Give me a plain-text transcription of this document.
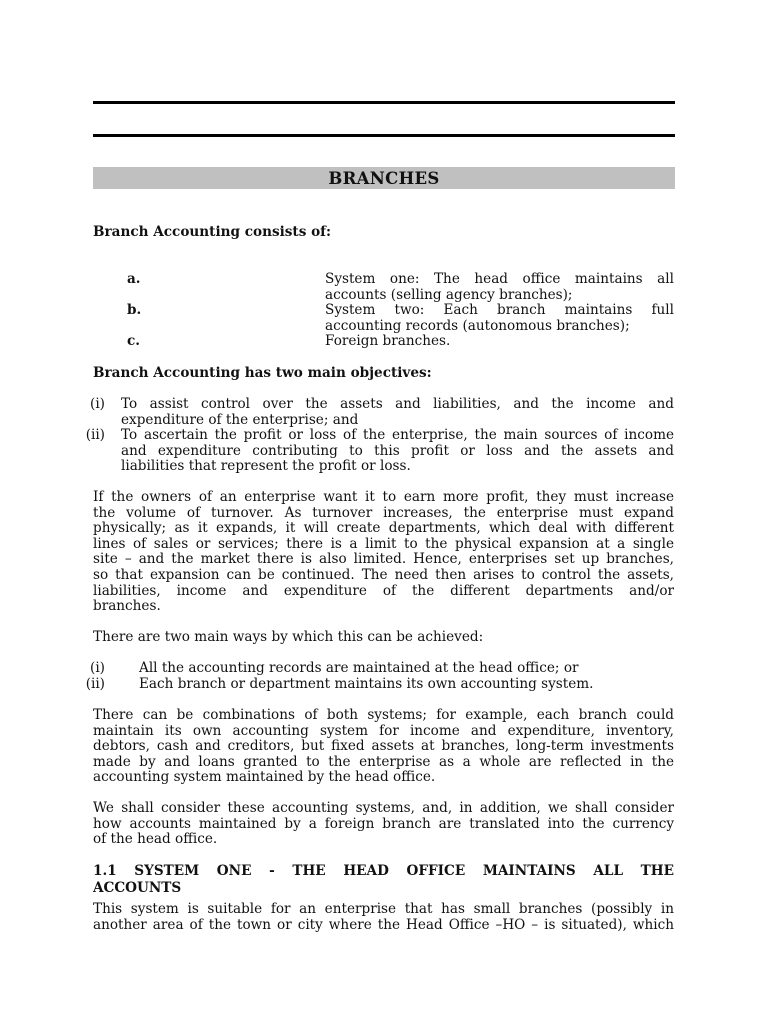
BRANCHES
Branch Accounting consists of:
a.	System one: The head office maintains all
accounts (selling agency branches);
b.	System two: Each branch maintains full
accounting records (autonomous branches);
c.	Foreign branches.
Branch Accounting has two main objectives:
(i) To assist control over the assets and liabilities, and the income and
expenditure of the enterprise; and
(ii) To ascertain the profit or loss of the enterprise, the main sources of income
and expenditure contributing to this profit or loss and the assets and
liabilities that represent the profit or loss.
If the owners of an enterprise want it to earn more profit, they must increase
the volume of turnover. As turnover increases, the enterprise must expand
physically; as it expands, it will create departments, which deal with different
lines of sales or services; there is a limit to the physical expansion at a single
site – and the market there is also limited. Hence, enterprises set up branches,
so that expansion can be continued. The need then arises to control the assets,
liabilities, income and expenditure of the different departments and/or
branches.
There are two main ways by which this can be achieved:
(i)	All the accounting records are maintained at the head office; or
(ii)	Each branch or department maintains its own accounting system.
There can be combinations of both systems; for example, each branch could
maintain its own accounting system for income and expenditure, inventory,
debtors, cash and creditors, but fixed assets at branches, long-term investments
made by and loans granted to the enterprise as a whole are reflected in the
accounting system maintained by the head office.
We shall consider these accounting systems, and, in addition, we shall consider
how accounts maintained by a foreign branch are translated into the currency
of the head office.
1.1 SYSTEM ONE - THE HEAD OFFICE MAINTAINS ALL THE
ACCOUNTS
This system is suitable for an enterprise that has small branches (possibly in
another area of the town or city where the Head Office –HO – is situated), which
